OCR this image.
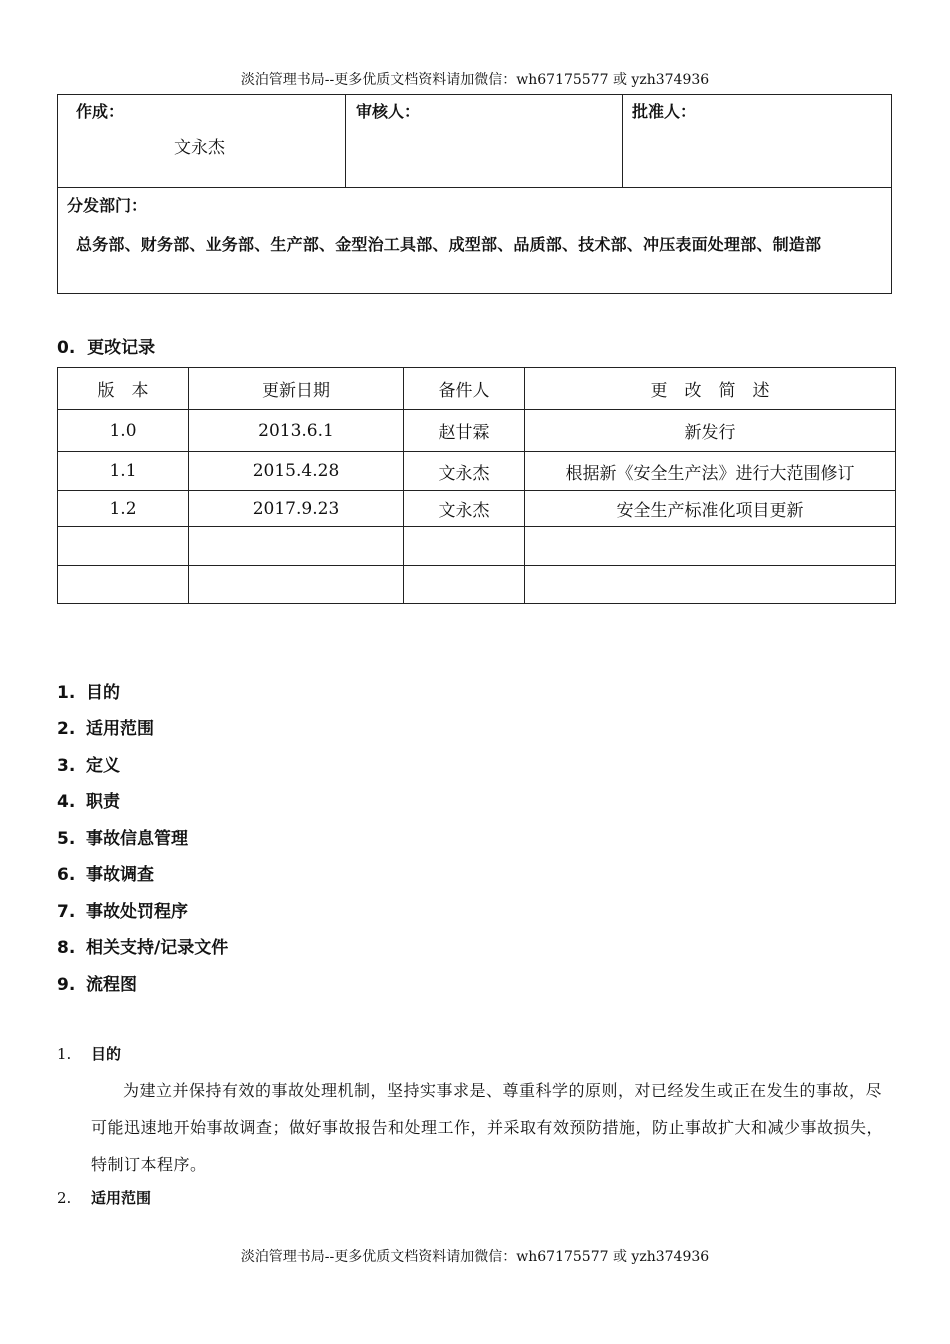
淡泊管理书局--更多优质文档资料请加微信：wh67175577 或 yzh374936
作成：
文永杰
审核人：	批准人：
分发部门：
总务部、财务部、业务部、生产部、金型治工具部、成型部、品质部、技术部、冲压表面处理部、制造部
0. 更改记录
版　本	更新日期	备件人	更　改　简　述
1.0	2013.6.1	赵甘霖	新发行
1.1	2015.4.28	文永杰	根据新《安全生产法》进行大范围修订
1.2	2017.9.23	文永杰	安全生产标准化项目更新

1. 目的
2. 适用范围
3. 定义
4. 职责
5. 事故信息管理
6. 事故调查
7. 事故处罚程序
8. 相关支持/记录文件
9. 流程图
1. 目的
为建立并保持有效的事故处理机制，坚持实事求是、尊重科学的原则，对已经发生或正在发生的事故，尽可能迅速地开始事故调查；做好事故报告和处理工作，并采取有效预防措施，防止事故扩大和减少事故损失，特制订本程序。
2. 适用范围
淡泊管理书局--更多优质文档资料请加微信：wh67175577 或 yzh374936
